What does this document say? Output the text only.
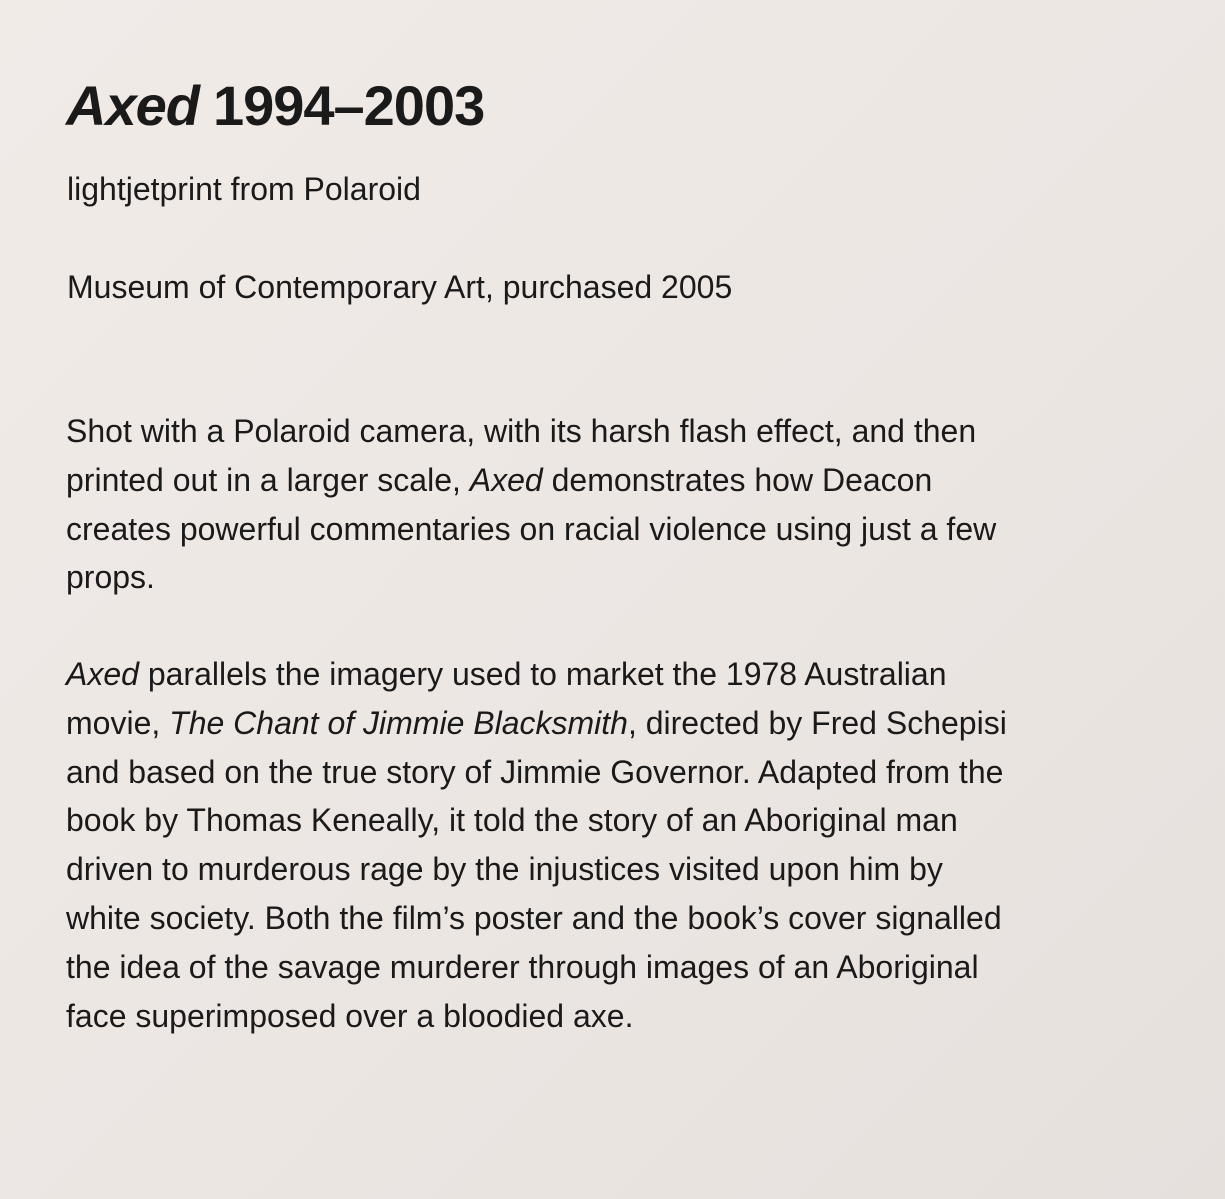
Axed 1994–2003

lightjetprint from Polaroid

Museum of Contemporary Art, purchased 2005

Shot with a Polaroid camera, with its harsh flash effect, and then
printed out in a larger scale, Axed demonstrates how Deacon
creates powerful commentaries on racial violence using just a few
props.

Axed parallels the imagery used to market the 1978 Australian
movie, The Chant of Jimmie Blacksmith, directed by Fred Schepisi
and based on the true story of Jimmie Governor. Adapted from the
book by Thomas Keneally, it told the story of an Aboriginal man
driven to murderous rage by the injustices visited upon him by
white society. Both the film’s poster and the book’s cover signalled
the idea of the savage murderer through images of an Aboriginal
face superimposed over a bloodied axe.
